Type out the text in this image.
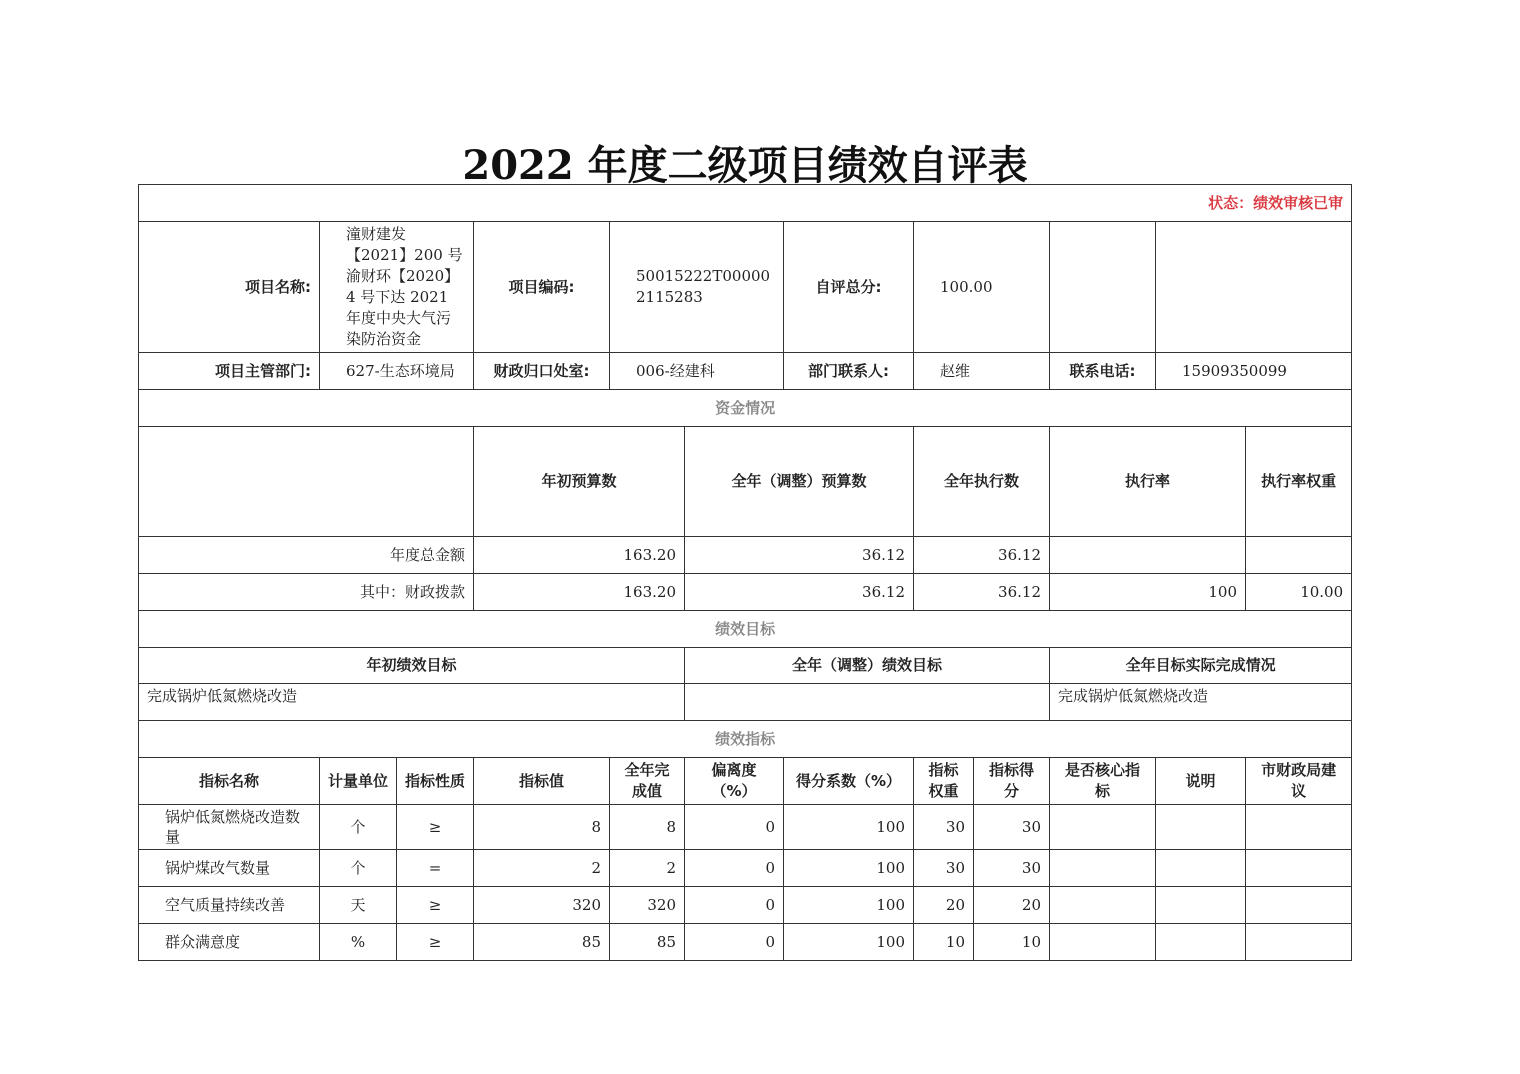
2022 年度二级项目绩效自评表
状态：绩效审核已审												
项目名称:	潼财建发【2021】200 号渝财环【2020】4 号下达 2021 年度中央大气污染防治资金		项目编码:	50015222T000002115283		自评总分:	100.00					
项目主管部门:	627-生态环境局		财政归口处室:	006-经建科		部门联系人:	赵维		联系电话:	15909350099		
资金情况												
			年初预算数		全年（调整）预算数		全年执行数		执行率		执行率权重	
年度总金额			163.20		36.12		36.12					
其中：财政拨款			163.20		36.12		36.12		100		10.00	
绩效目标												
年初绩效目标					全年（调整）绩效目标				全年目标实际完成情况			
完成锅炉低氮燃烧改造									完成锅炉低氮燃烧改造			
绩效指标												
指标名称	计量单位	指标性质	指标值	全年完成值	偏离度（%）	得分系数（%）	指标权重	指标得分	是否核心指标	说明	市财政局建议	
锅炉低氮燃烧改造数量	个	≥	8	8	0	100	30	30				
锅炉煤改气数量	个	=	2	2	0	100	30	30				
空气质量持续改善	天	≥	320	320	0	100	20	20				
群众满意度	%	≥	85	85	0	100	10	10				
